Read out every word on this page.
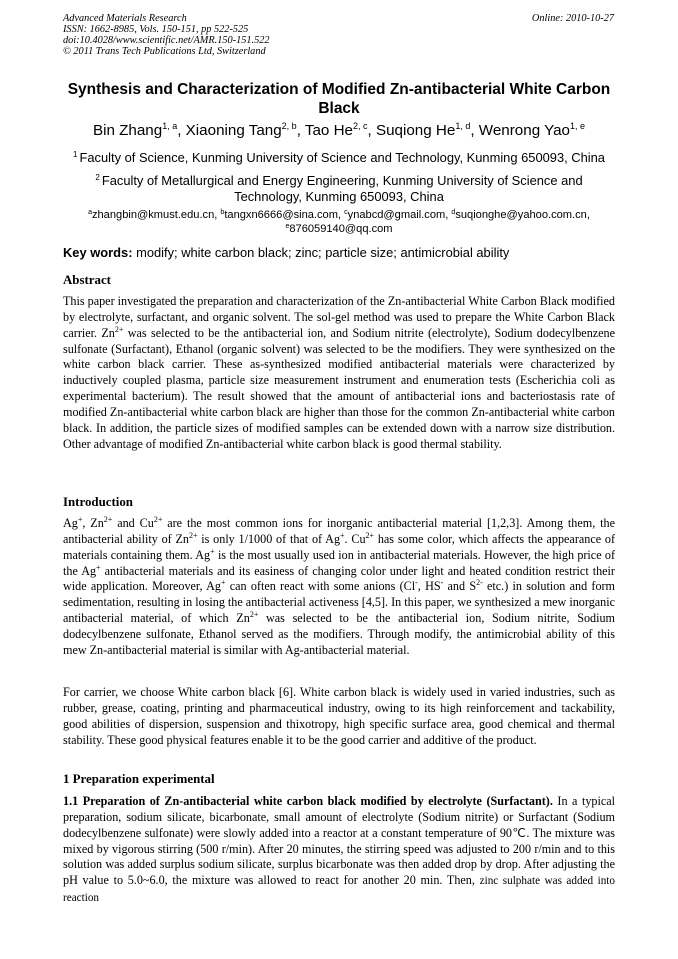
Advanced Materials Research
ISSN: 1662-8985, Vols. 150-151, pp 522-525
doi:10.4028/www.scientific.net/AMR.150-151.522
© 2011 Trans Tech Publications Ltd, Switzerland
Online: 2010-10-27
Synthesis and Characterization of Modified Zn-antibacterial White Carbon Black
Bin Zhang$^{1, a}$, Xiaoning Tang$^{2, b}$, Tao He$^{2, c}$, Suqiong He$^{1, d}$, Wenrong Yao$^{1, e}$
$^1$ Faculty of Science, Kunming University of Science and Technology, Kunming 650093, China
$^2$ Faculty of Metallurgical and Energy Engineering, Kunming University of Science and Technology, Kunming 650093, China
$^a$zhangbin@kmust.edu.cn, $^b$tangxn6666@sina.com, $^c$ynabcd@gmail.com, $^d$suqionghe@yahoo.com.cn,
$^e$876059140@qq.com
Key words: modify; white carbon black; zinc; particle size; antimicrobial ability
Abstract
This paper investigated the preparation and characterization of the Zn-antibacterial White Carbon Black modified by electrolyte, surfactant, and organic solvent. The sol-gel method was used to prepare the White Carbon Black carrier. $Zn^{2+}$ was selected to be the antibacterial ion, and Sodium nitrite (electrolyte), Sodium dodecylbenzene sulfonate (Surfactant), Ethanol (organic solvent) was selected to be the modifiers. They were synthesized on the white carbon black carrier. These as-synthesized modified antibacterial materials were characterized by inductively coupled plasma, particle size measurement instrument and enumeration tests (Escherichia coli as experimental bacterium). The result showed that the amount of antibacterial ions and bacteriostasis rate of modified Zn-antibacterial white carbon black are higher than those for the common Zn-antibacterial white carbon black. In addition, the particle sizes of modified samples can be extended down with a narrow size distribution. Other advantage of modified Zn-antibacterial white carbon black is good thermal stability.
Introduction
Ag+, $Zn^{2+}$ and $Cu^{2+}$ are the most common ions for inorganic antibacterial material [1,2,3]. Among them, the antibacterial ability of $Zn^{2+}$ is only 1/1000 of that of Ag+. $Cu^{2+}$ has some color, which affects the appearance of materials containing them. Ag+ is the most usually used ion in antibacterial materials. However, the high price of the Ag+ antibacterial materials and its easiness of changing color under light and heated condition restrict their wide application. Moreover, Ag+ can often react with some anions (Cl-, HS- and $S^{2-}$ etc.) in solution and form sedimentation, resulting in losing the antibacterial activeness [4,5]. In this paper, we synthesized a mew inorganic antibacterial material, of which $Zn^{2+}$ was selected to be the antibacterial ion, Sodium nitrite, Sodium dodecylbenzene sulfonate, Ethanol served as the modifiers. Through modify, the antimicrobial ability of this mew Zn-antibacterial material is similar with Ag-antibacterial material.
For carrier, we choose White carbon black [6]. White carbon black is widely used in varied industries, such as rubber, grease, coating, printing and pharmaceutical industry, owing to its high reinforcement and tackability, good abilities of dispersion, suspension and thixotropy, high specific surface area, good chemical and thermal stability. These good physical features enable it to be the good carrier and additive of the product.
1 Preparation experimental
1.1 Preparation of Zn-antibacterial white carbon black modified by electrolyte (Surfactant). In a typical preparation, sodium silicate, bicarbonate, small amount of electrolyte (Sodium nitrite) or Surfactant (Sodium dodecylbenzene sulfonate) were slowly added into a reactor at a constant temperature of 90℃. The mixture was mixed by vigorous stirring (500 r/min). After 20 minutes, the stirring speed was adjusted to 200 r/min and to this solution was added surplus sodium silicate, surplus bicarbonate was then added drop by drop. After adjusting the pH value to 5.0~6.0, the mixture was allowed to react for another 20 min. Then, zinc sulphate was added into reaction
